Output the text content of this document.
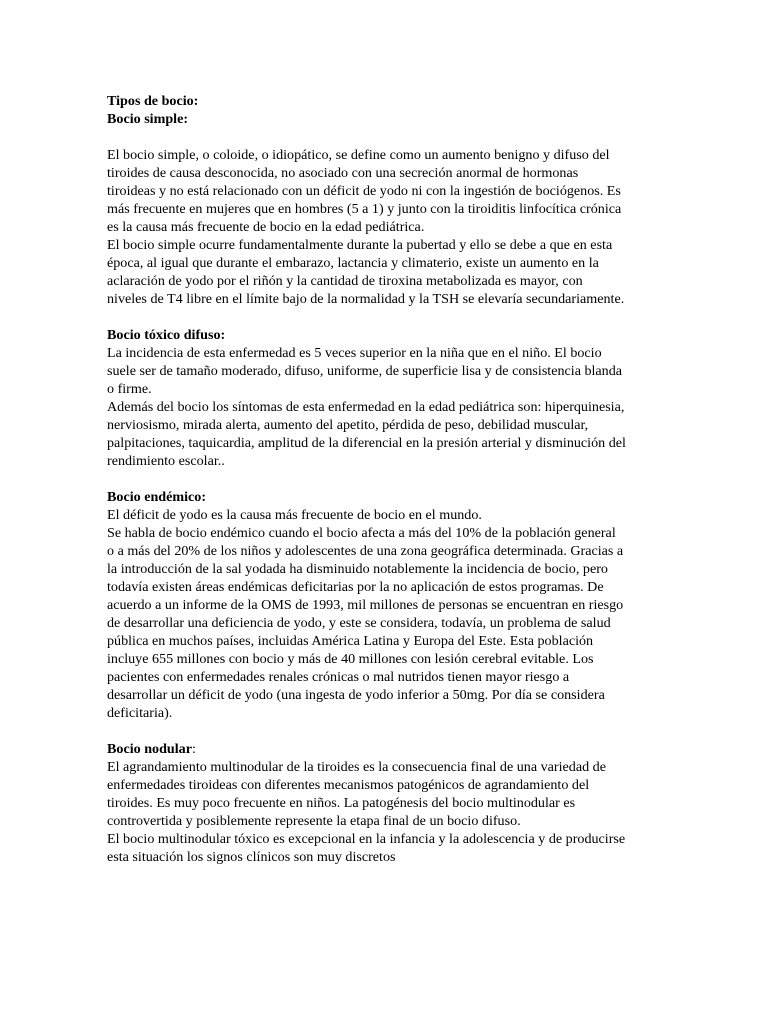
Tipos de bocio:
Bocio simple:
El bocio simple, o coloide, o idiopático, se define como un aumento benigno y difuso del
tiroides de causa desconocida, no asociado con una secreción anormal de hormonas
tiroideas y no está relacionado con un déficit de yodo ni con la ingestión de bociógenos. Es
más frecuente en mujeres que en hombres (5 a 1) y junto con la tiroiditis linfocítica crónica
es la causa más frecuente de bocio en la edad pediátrica.
El bocio simple ocurre fundamentalmente durante la pubertad y ello se debe a que en esta
época, al igual que durante el embarazo, lactancia y climaterio, existe un aumento en la
aclaración de yodo por el riñón y la cantidad de tiroxina metabolizada es mayor, con
niveles de T4 libre en el límite bajo de la normalidad y la TSH se elevaría secundariamente.
Bocio tóxico difuso:
La incidencia de esta enfermedad es 5 veces superior en la niña que en el niño. El bocio
suele ser de tamaño moderado, difuso, uniforme, de superficie lisa y de consistencia blanda
o firme.
Además del bocio los síntomas de esta enfermedad en la edad pediátrica son: hiperquinesia,
nerviosismo, mirada alerta, aumento del apetito, pérdida de peso, debilidad muscular,
palpitaciones, taquicardia, amplitud de la diferencial en la presión arterial y disminución del
rendimiento escolar..
Bocio endémico:
El déficit de yodo es la causa más frecuente de bocio en el mundo.
Se habla de bocio endémico cuando el bocio afecta a más del 10% de la población general
o a más del 20% de los niños y adolescentes de una zona geográfica determinada. Gracias a
la introducción de la sal yodada ha disminuido notablemente la incidencia de bocio, pero
todavía existen áreas endémicas deficitarias por la no aplicación de estos programas. De
acuerdo a un informe de la OMS de 1993, mil millones de personas se encuentran en riesgo
de desarrollar una deficiencia de yodo, y este se considera, todavía, un problema de salud
pública en muchos países, incluidas América Latina y Europa del Este. Esta población
incluye 655 millones con bocio y más de 40 millones con lesión cerebral evitable. Los
pacientes con enfermedades renales crónicas o mal nutridos tienen mayor riesgo a
desarrollar un déficit de yodo (una ingesta de yodo inferior a 50mg. Por día se considera
deficitaria).
Bocio nodular:
El agrandamiento multinodular de la tiroides es la consecuencia final de una variedad de
enfermedades tiroideas con diferentes mecanismos patogénicos de agrandamiento del
tiroides. Es muy poco frecuente en niños. La patogénesis del bocio multinodular es
controvertida y posiblemente represente la etapa final de un bocio difuso.
El bocio multinodular tóxico es excepcional en la infancia y la adolescencia y de producirse
esta situación los signos clínicos son muy discretos
